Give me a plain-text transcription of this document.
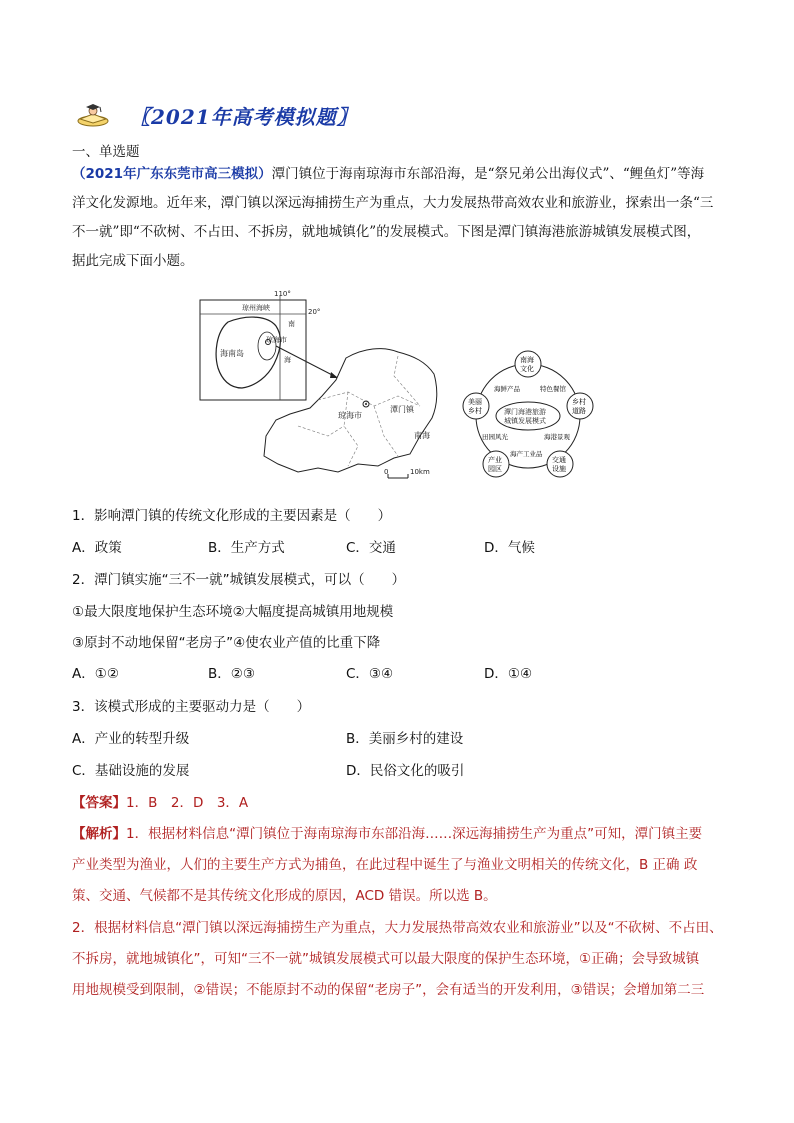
〖2021年高考模拟题〗
一、单选题
（2021年广东东莞市高三模拟）潭门镇位于海南琼海市东部沿海，是“祭兄弟公出海仪式”、“鲤鱼灯”等海
洋文化发源地。近年来，潭门镇以深远海捕捞生产为重点，大力发展热带高效农业和旅游业，探索出一条“三
不一就”即“不砍树、不占田、不拆房，就地城镇化”的发展模式。下图是潭门镇海港旅游城镇发展模式图，
据此完成下面小题。
110°
20°
琼州海峡
海南岛
琼海市
南
海
琼海市
潭门镇
南海
0	10km
潭门海港旅游
城镇发展模式
南海
文化
乡村
道路
交通
设施
产业
园区
美丽
乡村
海鲜产品	特色餐馆
海港景观
海产工业品
田园风光
1．影响潭门镇的传统文化形成的主要因素是（　　）
A．政策	B．生产方式	C．交通	D．气候
2．潭门镇实施“三不一就”城镇发展模式，可以（　　）
①最大限度地保护生态环境②大幅度提高城镇用地规模
③原封不动地保留“老房子”④使农业产值的比重下降
A．①②	B．②③	C．③④	D．①④
3．该模式形成的主要驱动力是（　　）
A．产业的转型升级	B．美丽乡村的建设
C．基础设施的发展	D．民俗文化的吸引
【答案】1．B　2．D　3．A
【解析】1．根据材料信息“潭门镇位于海南琼海市东部沿海……深远海捕捞生产为重点”可知，潭门镇主要
产业类型为渔业，人们的主要生产方式为捕鱼，在此过程中诞生了与渔业文明相关的传统文化，B 正确 政
策、交通、气候都不是其传统文化形成的原因，ACD 错误。所以选 B。
2．根据材料信息“潭门镇以深远海捕捞生产为重点，大力发展热带高效农业和旅游业”以及“不砍树、不占田、
不拆房，就地城镇化”，可知“三不一就”城镇发展模式可以最大限度的保护生态环境，①正确；会导致城镇
用地规模受到限制，②错误；不能原封不动的保留“老房子”，会有适当的开发利用，③错误；会增加第二三
